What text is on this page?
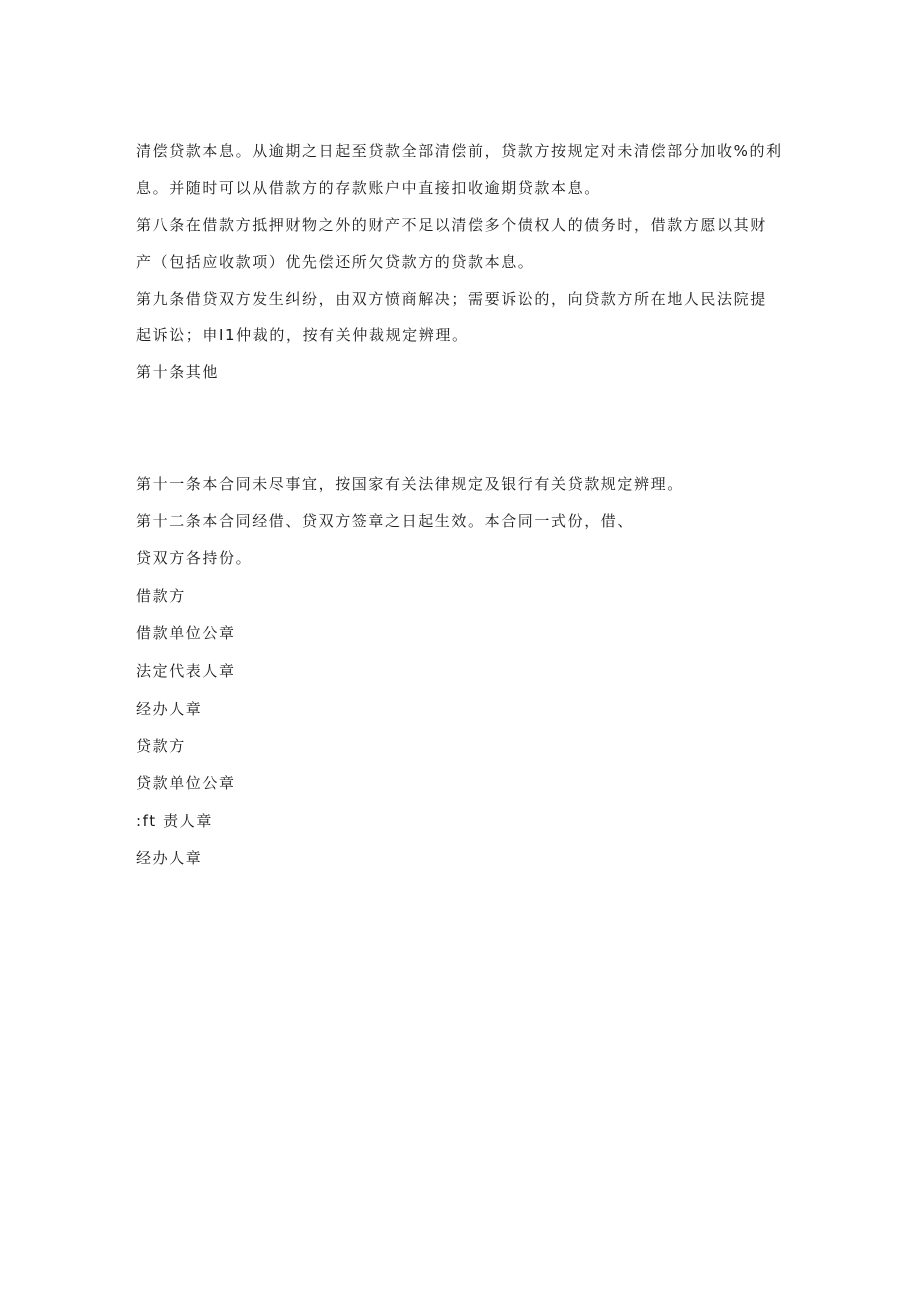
清偿贷款本息。从逾期之日起至贷款全部清偿前，贷款方按规定对未清偿部分加收%的利
息。并随时可以从借款方的存款账户中直接扣收逾期贷款本息。
第八条在借款方抵押财物之外的财产不足以清偿多个债权人的债务时，借款方愿以其财
产（包括应收款项）优先偿还所欠贷款方的贷款本息。
第九条借贷双方发生纠纷，由双方愤商解决；需要诉讼的，向贷款方所在地人民法院提
起诉讼；申I1仲裁的，按有关仲裁规定辨理。
第十条其他
第十一条本合同未尽事宜，按国家有关法律规定及银行有关贷款规定辨理。
第十二条本合同经借、贷双方签章之日起生效。本合同一式份，借、
贷双方各持份。
借款方
借款单位公章
法定代表人章
经办人章
贷款方
贷款单位公章
:ft 责人章
经办人章
